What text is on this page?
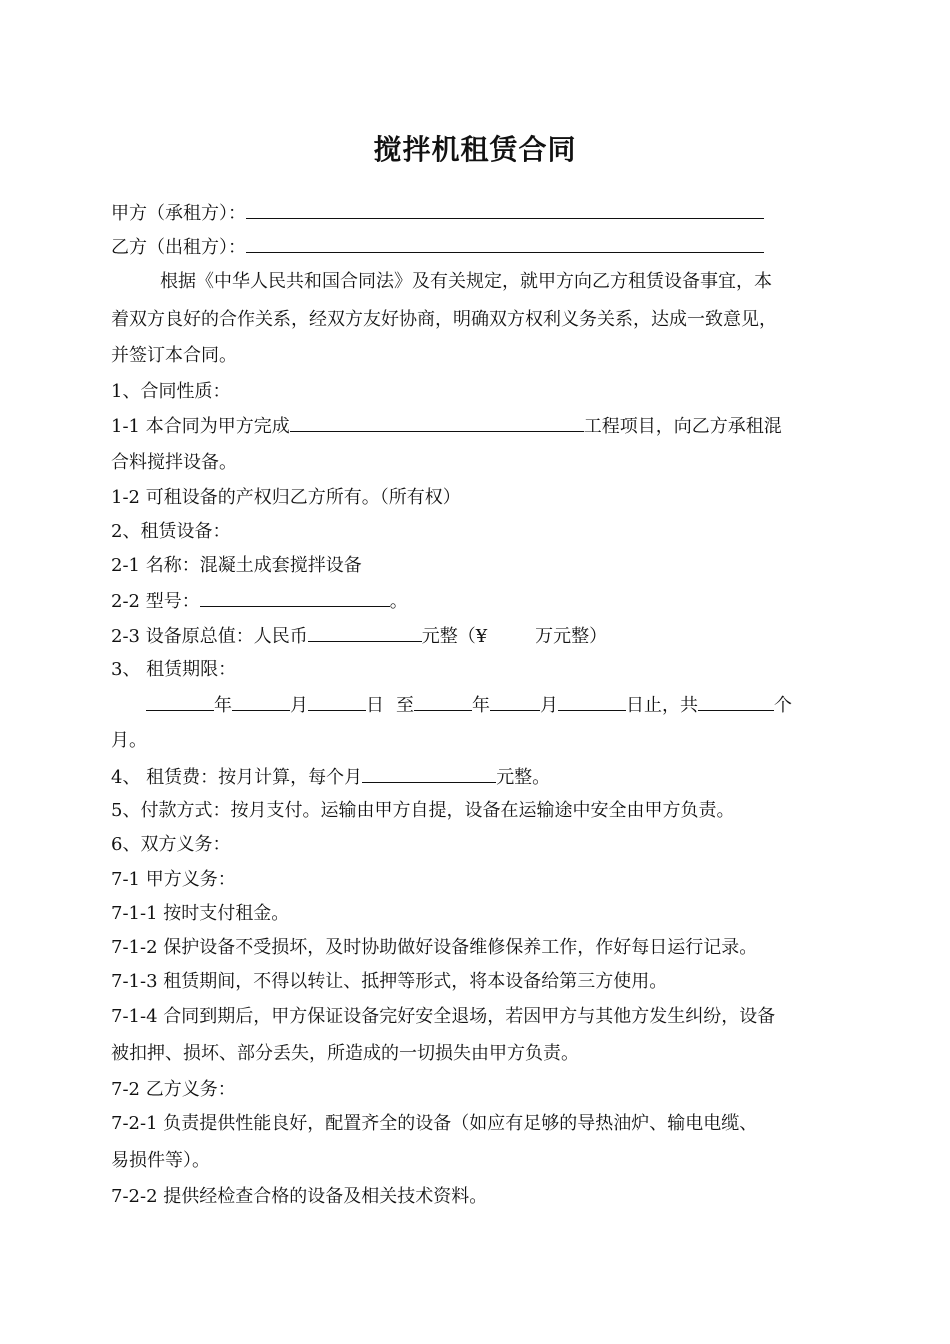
搅拌机租赁合同
甲方（承租方）：
乙方（出租方）：
根据《中华人民共和国合同法》及有关规定，就甲方向乙方租赁设备事宜，本
着双方良好的合作关系，经双方友好协商，明确双方权利义务关系，达成一致意见，
并签订本合同。
1、合同性质：
1-1 本合同为甲方完成	工程项目，向乙方承租混
合料搅拌设备。
1-2 可租设备的产权归乙方所有。（所有权）
2、租赁设备：
2-1 名称：混凝土成套搅拌设备
2-2 型号：	。
2-3 设备原总值：人民币	元整（¥	万元整）
3、 租赁期限：
年	月	日 至	年	月	日止，共	个
月。
4、 租赁费：按月计算，每个月	元整。
5、付款方式：按月支付。运输由甲方自提，设备在运输途中安全由甲方负责。
6、双方义务：
7-1 甲方义务：
7-1-1 按时支付租金。
7-1-2 保护设备不受损坏，及时协助做好设备维修保养工作，作好每日运行记录。
7-1-3 租赁期间，不得以转让、抵押等形式，将本设备给第三方使用。
7-1-4 合同到期后，甲方保证设备完好安全退场，若因甲方与其他方发生纠纷，设备
被扣押、损坏、部分丢失，所造成的一切损失由甲方负责。
7-2 乙方义务：
7-2-1 负责提供性能良好，配置齐全的设备（如应有足够的导热油炉、输电电缆、
易损件等）。
7-2-2 提供经检查合格的设备及相关技术资料。
